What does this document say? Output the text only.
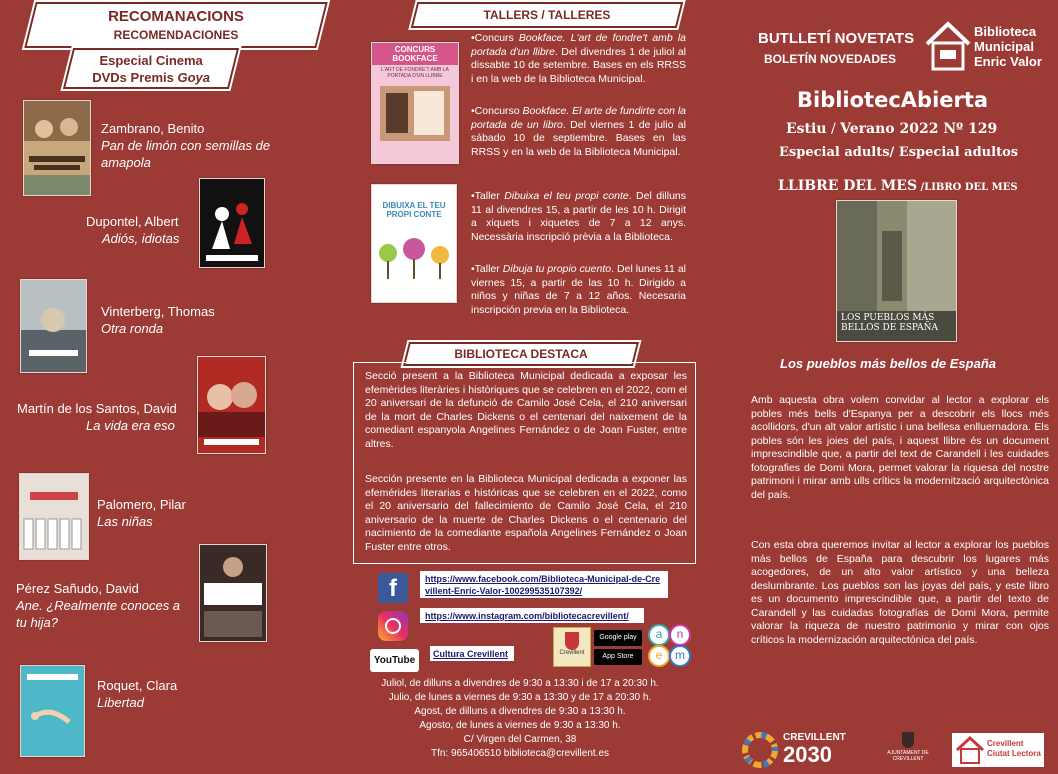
RECOMANACIONS
RECOMENDACIONES
Especial Cinema
DVDs Premis Goya
Zambrano, Benito
Pan de limón con semillas de amapola
Dupontel, Albert
Adiós, idiotas
Vinterberg, Thomas
Otra ronda
Martín de los Santos, David
La vida era eso
Palomero, Pilar
Las niñas
Pérez Sañudo, David
Ane. ¿Realmente conoces a tu hija?
Roquet, Clara
Libertad
TALLERS / TALLERES
CONCURS BOOKFACE
L'ART DE FONDRE'T AMB LA PORTADA D'UN LLIBRE
•Concurs Bookface. L'art de fondre't amb la portada d'un llibre. Del divendres 1 de juliol al dissabte 10 de setembre. Bases en els RRSS i en la web de la Biblioteca Municipal.
•Concurso Bookface. El arte de fundirte con la portada de un libro. Del viernes 1 de julio al sábado 10 de septiembre. Bases en las RRSS y en la web de la Biblioteca Municipal.
DIBUIXA EL TEU PROPI CONTE
•Taller Dibuixa el teu propi conte. Del dilluns 11 al divendres 15, a partir de les 10 h. Dirigit a xiquets i xiquetes de 7 a 12 anys. Necessària inscripció prèvia a la Biblioteca.
•Taller Dibuja tu propio cuento. Del lunes 11 al viernes 15, a partir de las 10 h. Dirigido a niños y niñas de 7 a 12 años. Necesaria inscripción previa en la Biblioteca.
BIBLIOTECA DESTACA
Secció present a la Biblioteca Municipal dedicada a exposar les efemèrides literàries i històriques que se celebren en el 2022, com el 20 aniversari de la defunció de Camilo José Cela, el 210 aniversari de la mort de Charles Dickens o el centenari del naixement de la comediant espanyola Angelines Fernández o de Joan Fuster, entre altres.
Sección presente en la Biblioteca Municipal dedicada a exponer las efemérides literarias e históricas que se celebren en el 2022, como el 20 aniversario del fallecimiento de Camilo José Cela, el 210 aniversario de la muerte de Charles Dickens o el centenario del nacimiento de la comediante española Angelines Fernández o Joan Fuster entre otros.
f	https://www.facebook.com/Biblioteca-Municipal-de-Crevillent-Enric-Valor-100299535107392/
https://www.instagram.com/bibliotecacrevillent/
YouTube
Cultura Crevillent	Crevillent
Google play
App Store
a	n
e	m
Juliol, de dilluns a divendres de 9:30 a 13:30 i de 17 a 20:30 h.
Julio, de lunes a viernes de 9:30 a 13:30 y de 17 a 20:30 h.
Agost, de dilluns a divendres de 9:30 a 13:30 h.
Agosto, de lunes a viernes de 9:30 a 13:30 h.
C/ Virgen del Carmen, 38
Tfn: 965406510 biblioteca@crevillent.es
BUTLLETÍ NOVETATS
BOLETÍN NOVEDADES
Biblioteca
Municipal
Enric Valor
BibliotecAbierta
Estiu / Verano 2022 Nº 129
Especial adults/ Especial adultos
LLIBRE DEL MES /LIBRO DEL MES
LOS PUEBLOS MÁS BELLOS DE ESPAÑA
Los pueblos más bellos de España
Amb aquesta obra volem convidar al lector a explorar els pobles més bells d'Espanya per a descobrir els llocs més acollidors, d'un alt valor artístic i una bellesa enlluernadora. Els pobles són les joies del país, i aquest llibre és un document imprescindible que, a partir del text de Carandell i les cuidades fotografies de Domi Mora, permet valorar la riquesa del nostre patrimoni i mirar amb ulls crítics la modernització arquitectònica del país.
Con esta obra queremos invitar al lector a explorar los pueblos más bellos de España para descubrir los lugares más acogedores, de un alto valor artístico y una belleza deslumbrante. Los pueblos son las joyas del país, y este libro es un documento imprescindible que, a partir del texto de Carandell y las cuidadas fotografías de Domi Mora, permite valorar la riqueza de nuestro patrimonio y mirar con ojos críticos la modernización arquitectónica del país.
CREVILLENT
2030	AJUNTAMENT DE CREVILLENT
Crevillent Ciutat Lectora
